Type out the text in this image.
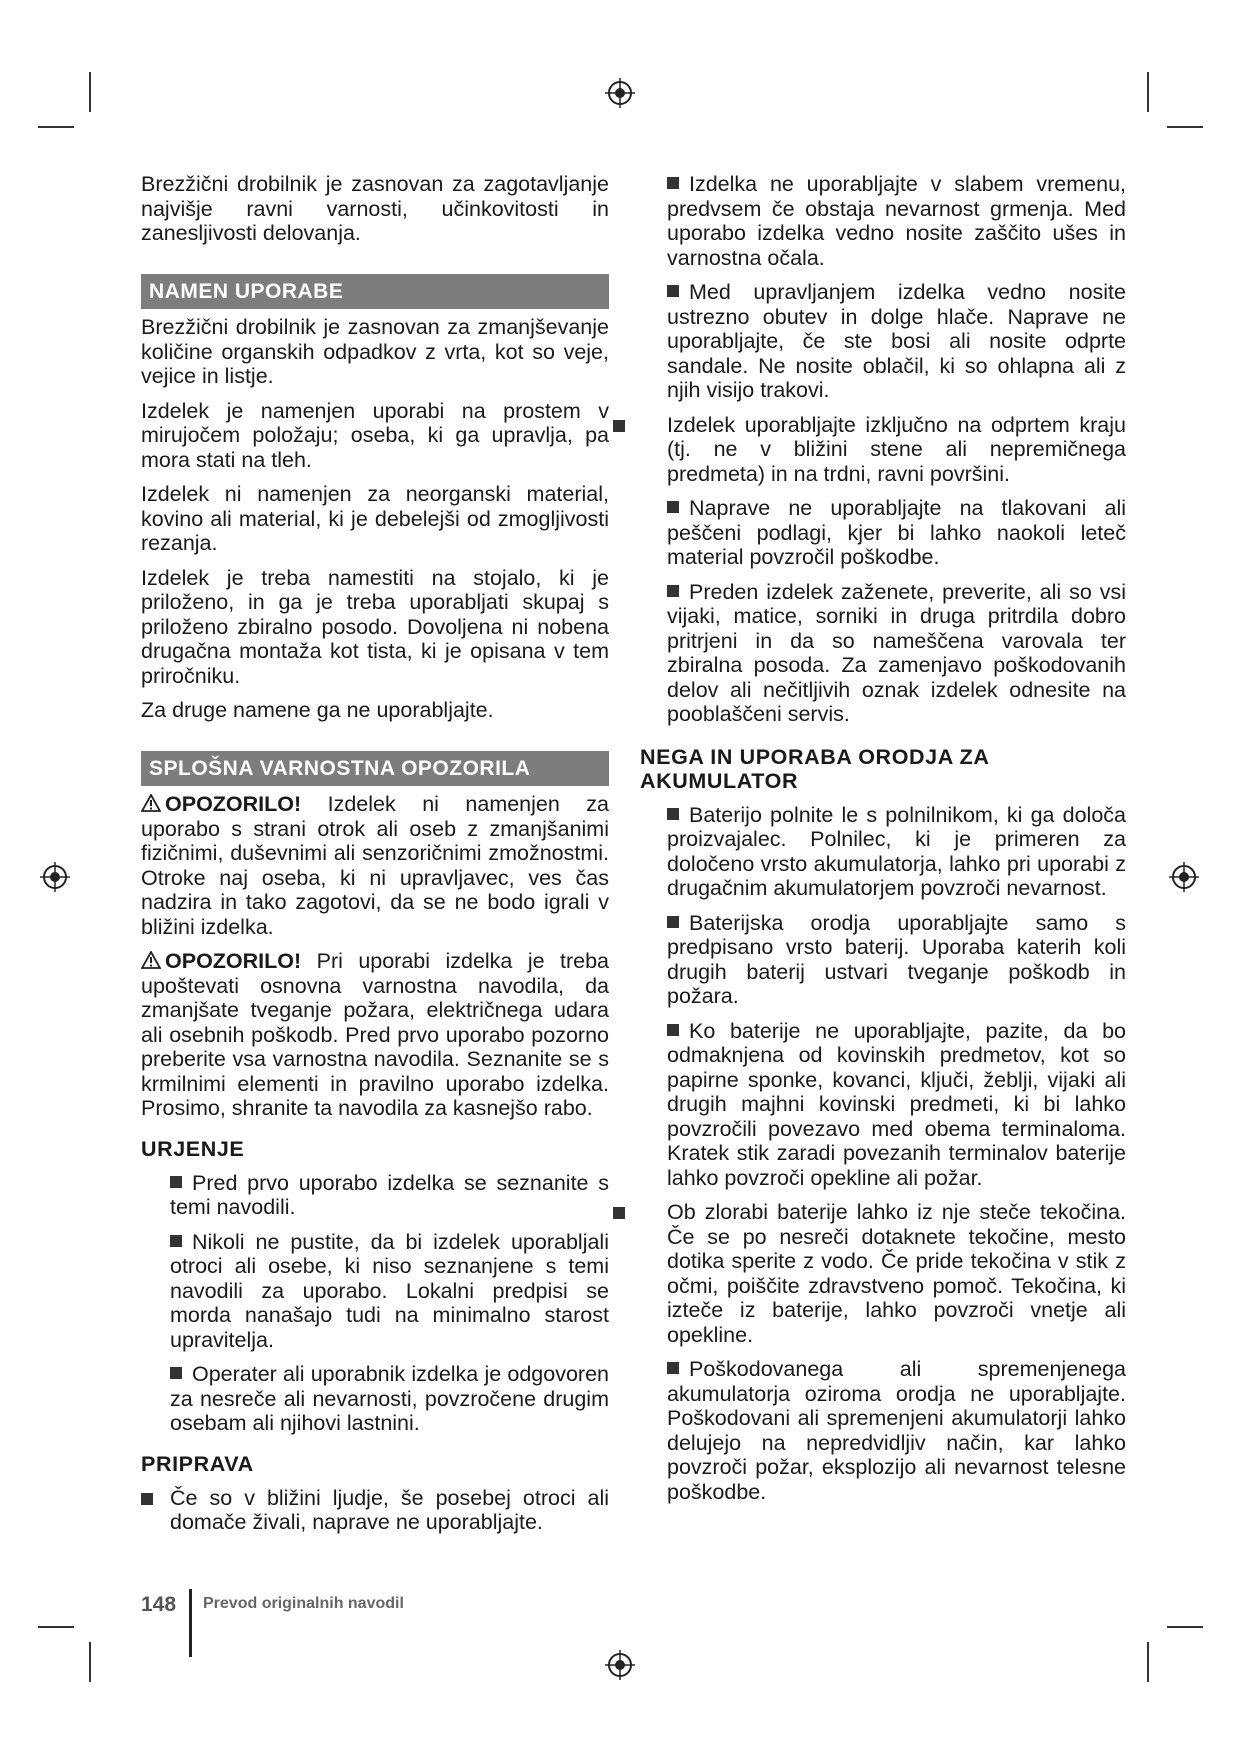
Brezžični drobilnik je zasnovan za zagotavljanje najvišje ravni varnosti, učinkovitosti in zanesljivosti delovanja.

NAMEN UPORABE

Brezžični drobilnik je zasnovan za zmanjševanje količine organskih odpadkov z vrta, kot so veje, vejice in listje.

Izdelek je namenjen uporabi na prostem v mirujočem položaju; oseba, ki ga upravlja, pa mora stati na tleh.

Izdelek ni namenjen za neorganski material, kovino ali material, ki je debelejši od zmogljivosti rezanja.

Izdelek je treba namestiti na stojalo, ki je priloženo, in ga je treba uporabljati skupaj s priloženo zbiralno posodo. Dovoljena ni nobena drugačna montaža kot tista, ki je opisana v tem priročniku.

Za druge namene ga ne uporabljajte.

SPLOŠNA VARNOSTNA OPOZORILA

OPOZORILO! Izdelek ni namenjen za uporabo s strani otrok ali oseb z zmanjšanimi fizičnimi, duševnimi ali senzoričnimi zmožnostmi. Otroke naj oseba, ki ni upravljavec, ves čas nadzira in tako zagotovi, da se ne bodo igrali v bližini izdelka.

OPOZORILO! Pri uporabi izdelka je treba upoštevati osnovna varnostna navodila, da zmanjšate tveganje požara, električnega udara ali osebnih poškodb. Pred prvo uporabo pozorno preberite vsa varnostna navodila. Seznanite se s krmilnimi elementi in pravilno uporabo izdelka. Prosimo, shranite ta navodila za kasnejšo rabo.

URJENJE
Pred prvo uporabo izdelka se seznanite s temi navodili.
Nikoli ne pustite, da bi izdelek uporabljali otroci ali osebe, ki niso seznanjene s temi navodili za uporabo. Lokalni predpisi se morda nanašajo tudi na minimalno starost upravitelja.
Operater ali uporabnik izdelka je odgovoren za nesreče ali nevarnosti, povzročene drugim osebam ali njihovi lastnini.
PRIPRAVA
Če so v bližini ljudje, še posebej otroci ali domače živali, naprave ne uporabljajte.
Izdelka ne uporabljajte v slabem vremenu, predvsem če obstaja nevarnost grmenja. Med uporabo izdelka vedno nosite zaščito ušes in varnostna očala.
Med upravljanjem izdelka vedno nosite ustrezno obutev in dolge hlače. Naprave ne uporabljajte, če ste bosi ali nosite odprte sandale. Ne nosite oblačil, ki so ohlapna ali z njih visijo trakovi.
Izdelek uporabljajte izključno na odprtem kraju (tj. ne v bližini stene ali nepremičnega predmeta) in na trdni, ravni površini.
Naprave ne uporabljajte na tlakovani ali peščeni podlagi, kjer bi lahko naokoli leteč material povzročil poškodbe.
Preden izdelek zaženete, preverite, ali so vsi vijaki, matice, sorniki in druga pritrdila dobro pritrjeni in da so nameščena varovala ter zbiralna posoda. Za zamenjavo poškodovanih delov ali nečitljivih oznak izdelek odnesite na pooblaščeni servis.
NEGA IN UPORABA ORODJA ZA AKUMULATOR
Baterijo polnite le s polnilnikom, ki ga določa proizvajalec. Polnilec, ki je primeren za določeno vrsto akumulatorja, lahko pri uporabi z drugačnim akumulatorjem povzroči nevarnost.
Baterijska orodja uporabljajte samo s predpisano vrsto baterij. Uporaba katerih koli drugih baterij ustvari tveganje poškodb in požara.
Ko baterije ne uporabljajte, pazite, da bo odmaknjena od kovinskih predmetov, kot so papirne sponke, kovanci, ključi, žeblji, vijaki ali drugih majhni kovinski predmeti, ki bi lahko povzročili povezavo med obema terminaloma. Kratek stik zaradi povezanih terminalov baterije lahko povzroči opekline ali požar.
Ob zlorabi baterije lahko iz nje steče tekočina. Če se po nesreči dotaknete tekočine, mesto dotika sperite z vodo. Če pride tekočina v stik z očmi, poiščite zdravstveno pomoč. Tekočina, ki izteče iz baterije, lahko povzroči vnetje ali opekline.
Poškodovanega ali spremenjenega akumulatorja oziroma orodja ne uporabljajte. Poškodovani ali spremenjeni akumulatorji lahko delujejo na nepredvidljiv način, kar lahko povzroči požar, eksplozijo ali nevarnost telesne poškodbe.
148 Prevod originalnih navodil
